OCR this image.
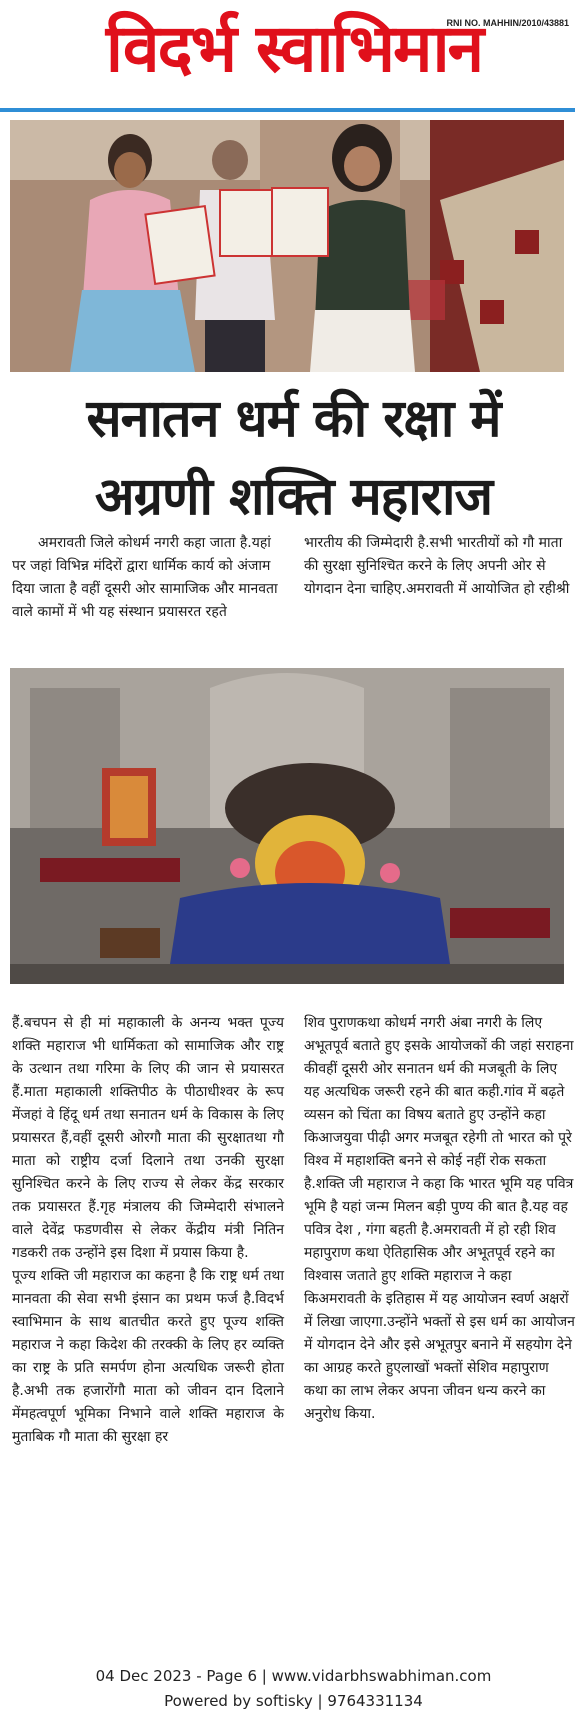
विदर्भ स्वाभिमान
RNI NO. MAHHIN/2010/43881
सनातन धर्म की रक्षा में
अग्रणी शक्ति महाराज
अमरावती जिले कोधर्म नगरी कहा जाता है.यहां पर जहां विभिन्न मंदिरों द्वारा धार्मिक कार्य को अंजाम दिया जाता है वहीं दूसरी ओर सामाजिक और मानवता वाले कामों में भी यह संस्थान प्रयासरत रहते
भारतीय की जिम्मेदारी है.सभी भारतीयों को गौ माता की सुरक्षा सुनिश्चित करने के लिए अपनी ओर से योगदान देना चाहिए.अमरावती में आयोजित हो रहीश्री
हैं.बचपन से ही मां महाकाली के अनन्य भक्त पूज्य शक्ति महाराज भी धार्मिकता को सामाजिक और राष्ट्र के उत्थान तथा गरिमा के लिए की जान से प्रयासरत हैं.माता महाकाली शक्तिपीठ के पीठाधीश्वर के रूप मेंजहां वे हिंदू धर्म तथा सनातन धर्म के विकास के लिए प्रयासरत हैं,वहीं दूसरी ओरगौ माता की सुरक्षातथा गौ माता को राष्ट्रीय दर्जा दिलाने तथा उनकी सुरक्षा सुनिश्चित करने के लिए राज्य से लेकर केंद्र सरकार तक प्रयासरत हैं.गृह मंत्रालय की जिम्मेदारी संभालने वाले देवेंद्र फडणवीस से लेकर केंद्रीय मंत्री नितिन गडकरी तक उन्होंने इस दिशा में प्रयास किया है.
पूज्य शक्ति जी महाराज का कहना है कि राष्ट्र धर्म तथा मानवता की सेवा सभी इंसान का प्रथम फर्ज है.विदर्भ स्वाभिमान के साथ बातचीत करते हुए पूज्य शक्ति महाराज ने कहा किदेश की तरक्की के लिए हर व्यक्ति का राष्ट्र के प्रति समर्पण होना अत्यधिक जरूरी होता है.अभी तक हजारोंगौ माता को जीवन दान दिलाने मेंमहत्वपूर्ण भूमिका निभाने वाले शक्ति महाराज के मुताबिक गौ माता की सुरक्षा हर
शिव पुराणकथा कोधर्म नगरी अंबा नगरी के लिए अभूतपूर्व बताते हुए इसके आयोजकों की जहां सराहना कीवहीं दूसरी ओर सनातन धर्म की मजबूती के लिए यह अत्यधिक जरूरी रहने की बात कही.गांव में बढ़ते व्यसन को चिंता का विषय बताते हुए उन्होंने कहा किआजयुवा पीढ़ी अगर मजबूत रहेगी तो भारत को पूरे विश्व में महाशक्ति बनने से कोई नहीं रोक सकता है.शक्ति जी महाराज ने कहा कि भारत भूमि यह पवित्र भूमि है यहां जन्म मिलन बड़ी पुण्य की बात है.यह वह पवित्र देश , गंगा बहती है.अमरावती में हो रही शिव महापुराण कथा ऐतिहासिक और अभूतपूर्व रहने का विश्वास जताते हुए शक्ति महाराज ने कहा किअमरावती के इतिहास में यह आयोजन स्वर्ण अक्षरों में लिखा जाएगा.उन्होंने भक्तों से इस धर्म का आयोजन में योगदान देने और इसे अभूतपुर बनाने में सहयोग देने का आग्रह करते हुएलाखों भक्तों सेशिव महापुराण कथा का लाभ लेकर अपना जीवन धन्य करने का अनुरोध किया.
04 Dec 2023 - Page 6 | www.vidarbhswabhiman.com
Powered by softisky | 9764331134
